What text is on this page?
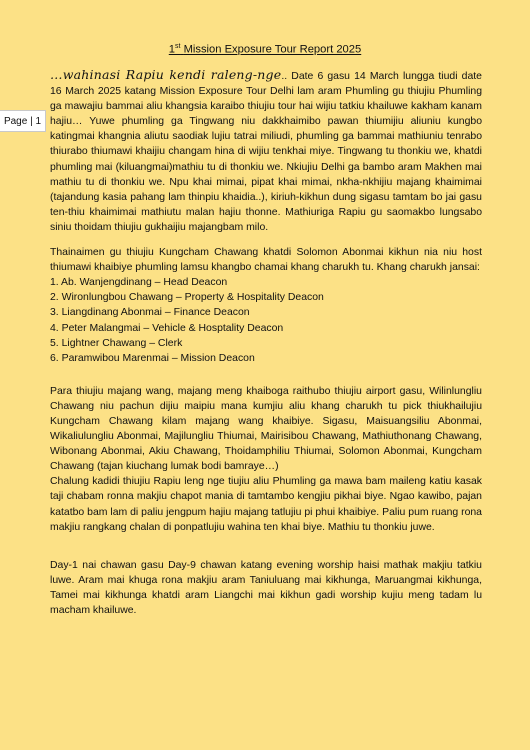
Page | 1
1st Mission Exposure Tour Report 2025

…wahinasi Rapiu kendi raleng-nge.. Date 6 gasu 14 March lungga tiudi date 16 March 2025 katang Mission Exposure Tour Delhi lam aram Phumling gu thiujiu Phumling ga mawajiu bammai aliu khangsia karaibo thiujiu tour hai wijiu tatkiu khailuwe kakham kanam hajiu… Yuwe phumling ga Tingwang niu dakkhaimibo pawan thiumijiu aliuniu kungbo katingmai khangnia aliutu saodiak lujiu tatrai miliudi, phumling ga bammai mathiuniu tenrabo thiurabo thiumawi khaijiu changam hina di wijiu tenkhai miye. Tingwang tu thonkiu we, khatdi phumling mai (kiluangmai)mathiu tu di thonkiu we. Nkiujiu Delhi ga bambo aram Makhen mai mathiu tu di thonkiu we. Npu khai mimai, pipat khai mimai, nkha-nkhijiu majang khaimimai (tajandung kasia pahang lam thinpiu khaidia..), kiriuh-kikhun dung sigasu tamtam bo jai gasu ten-thiu khaimimai mathiutu malan hajiu thonne. Mathiuriga Rapiu gu saomakbo lungsabo siniu thoidam thiujiu gukhaijiu majangbam milo.

Thainaimen gu thiujiu Kungcham Chawang khatdi Solomon Abonmai kikhun nia niu host thiumawi khaibiye phumling lamsu khangbo chamai khang charukh tu. Khang charukh jansai:

1. Ab. Wanjengdinang – Head Deacon
2. Wironlungbou Chawang – Property & Hospitality Deacon
3. Liangdinang Abonmai – Finance Deacon
4. Peter Malangmai – Vehicle & Hosptality Deacon
5. Lightner Chawang – Clerk
6. Paramwibou Marenmai – Mission Deacon

Para thiujiu majang wang, majang meng khaiboga raithubo thiujiu airport gasu, Wilinlungliu Chawang niu pachun dijiu maipiu mana kumjiu aliu khang charukh tu pick thiukhailujiu Kungcham Chawang kilam majang wang khaibiye. Sigasu, Maisuangsiliu Abonmai, Wikaliulungliu Abonmai, Majilungliu Thiumai, Mairisibou Chawang, Mathiuthonang Chawang, Wibonang Abonmai, Akiu Chawang, Thoidamphiliu Thiumai, Solomon Abonmai, Kungcham Chawang (tajan kiuchang lumak bodi bamraye…)

Chalung kadidi thiujiu Rapiu leng nge tiujiu aliu Phumling ga mawa bam maileng katiu kasak taji chabam ronna makjiu chapot mania di tamtambo kengjiu pikhai biye. Ngao kawibo, pajan katatbo bam lam di paliu jengpum hajiu majang tatlujiu pi phui khaibiye. Paliu pum ruang rona makjiu rangkang chalan di ponpatlujiu wahina ten khai biye. Mathiu tu thonkiu juwe.

Day-1 nai chawan gasu Day-9 chawan katang evening worship haisi mathak makjiu tatkiu luwe. Aram mai khuga rona makjiu aram Taniuluang mai kikhunga, Maruangmai kikhunga, Tamei mai kikhunga khatdi aram Liangchi mai kikhun gadi worship kujiu meng tadam lu macham khailuwe.
